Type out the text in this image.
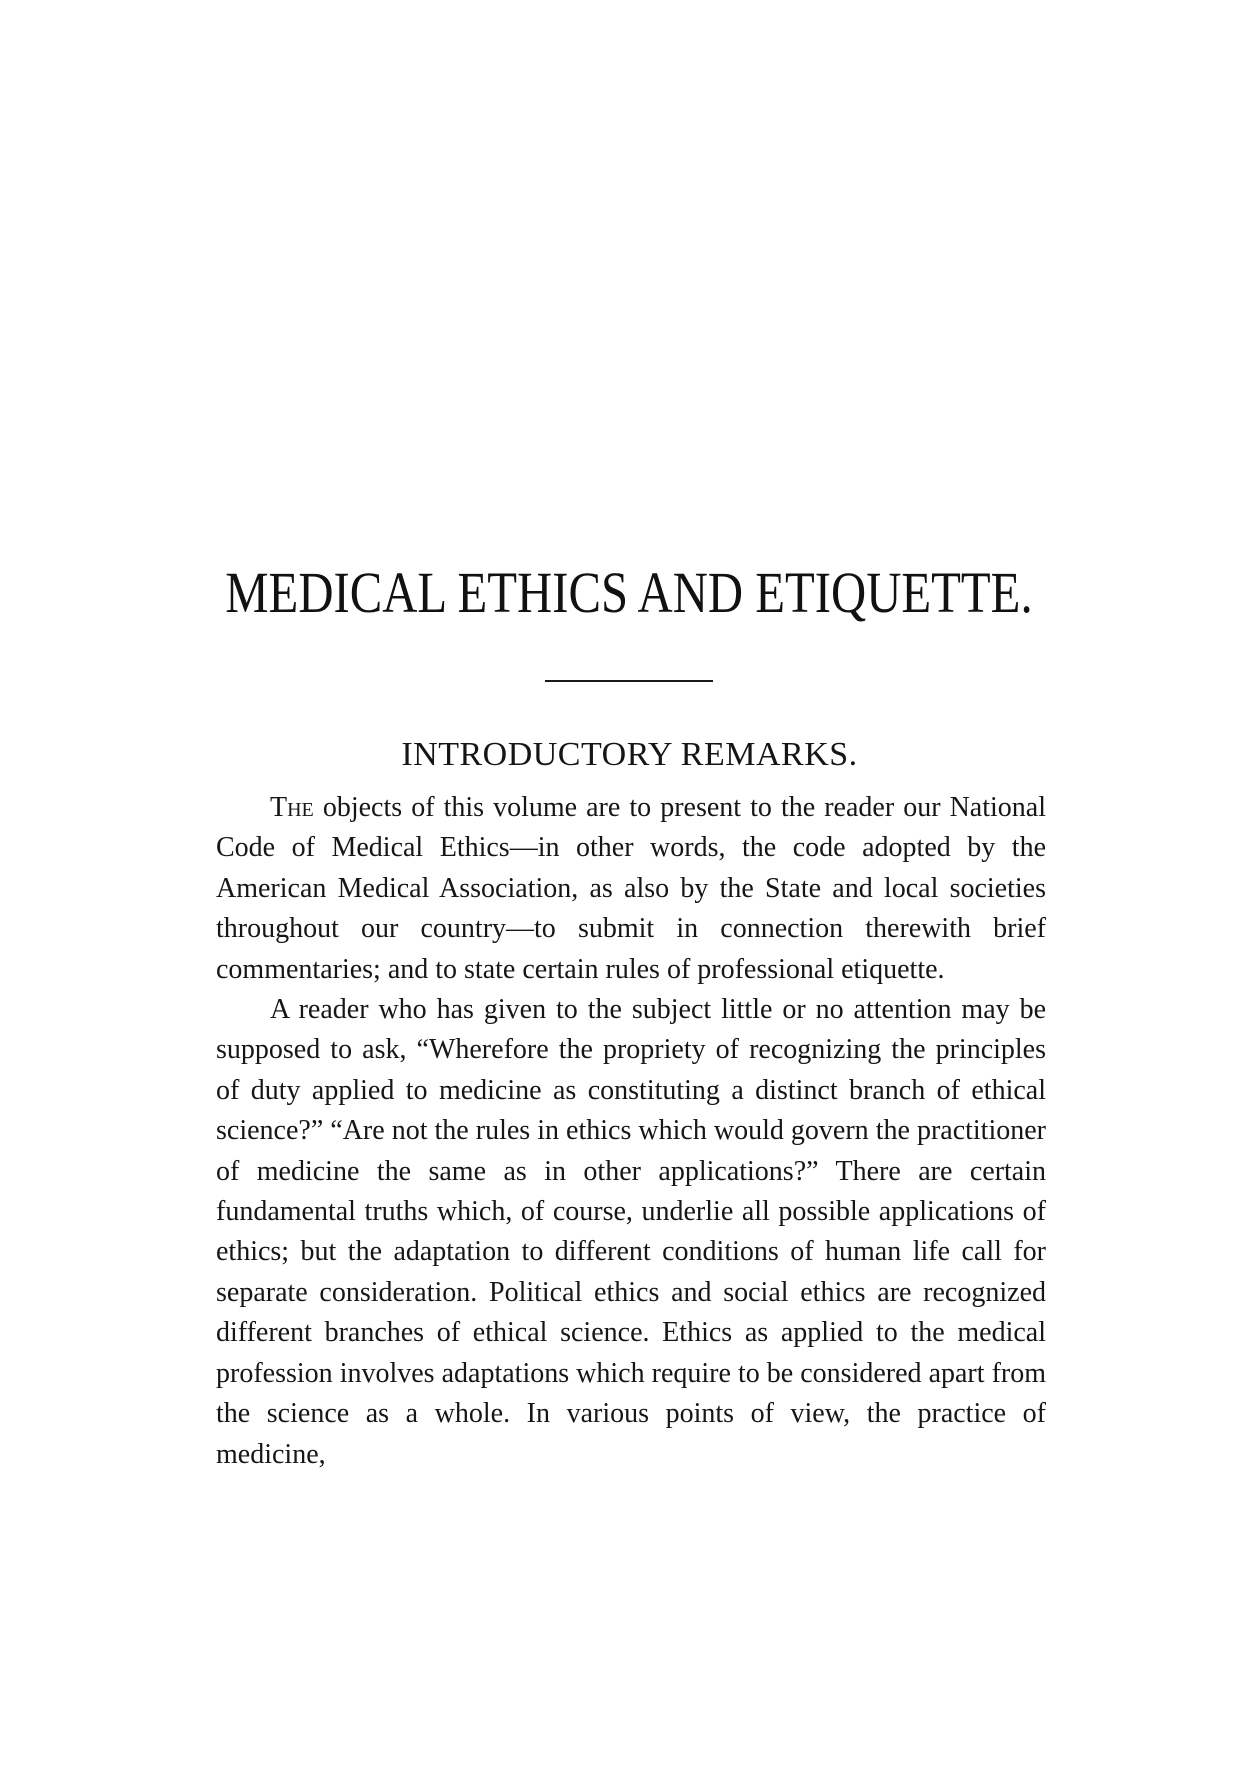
MEDICAL ETHICS AND ETIQUETTE.
INTRODUCTORY REMARKS.

The objects of this volume are to present to the reader our National Code of Medical Ethics—in other words, the code adopted by the American Medical Association, as also by the State and local societies throughout our country—to submit in connection therewith brief commentaries; and to state certain rules of professional etiquette.

A reader who has given to the subject little or no attention may be supposed to ask, “Wherefore the propriety of recognizing the principles of duty applied to medicine as constituting a distinct branch of ethical science?” “Are not the rules in ethics which would govern the practitioner of medicine the same as in other applications?” There are certain fundamental truths which, of course, underlie all possible applications of ethics; but the adaptation to different conditions of human life call for separate consideration. Political ethics and social ethics are recognized different branches of ethical science. Ethics as applied to the medical profession involves adaptations which require to be considered apart from the science as a whole. In various points of view, the practice of medicine,
